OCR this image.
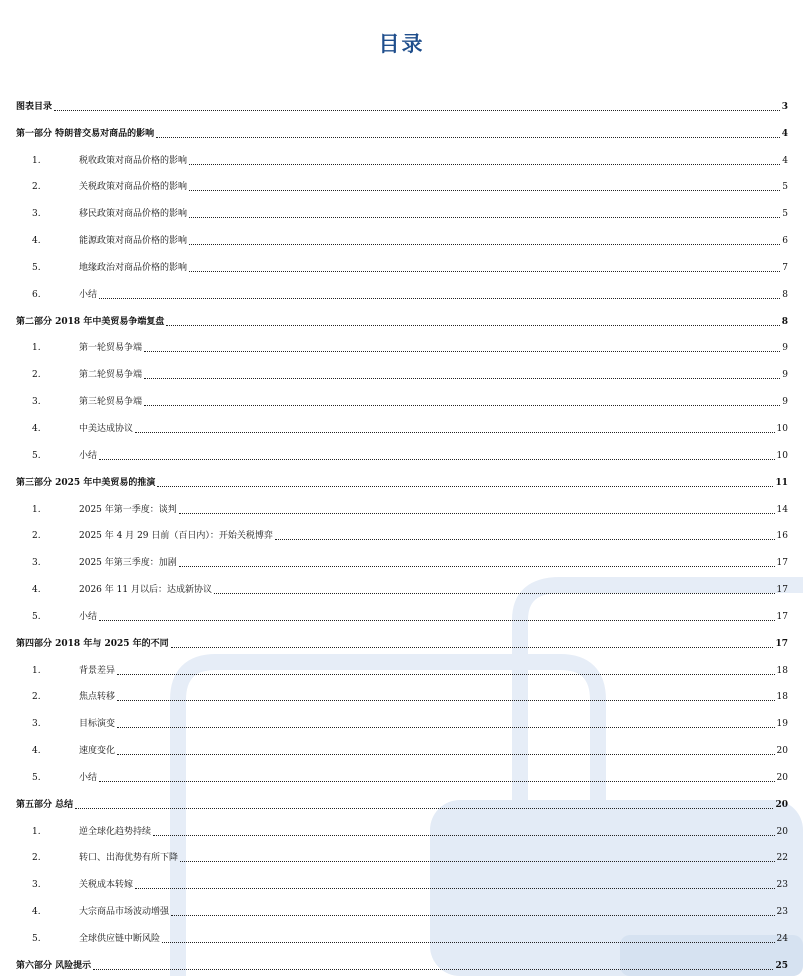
目录
图表目录	3
第一部分 特朗普交易对商品的影响	4
1.	税收政策对商品价格的影响	4
2.	关税政策对商品价格的影响	5
3.	移民政策对商品价格的影响	5
4.	能源政策对商品价格的影响	6
5.	地缘政治对商品价格的影响	7
6.	小结	8
第二部分 2018 年中美贸易争端复盘	8
1.	第一轮贸易争端	9
2.	第二轮贸易争端	9
3.	第三轮贸易争端	9
4.	中美达成协议	10
5.	小结	10
第三部分 2025 年中美贸易的推演	11
1.	2025 年第一季度：谈判	14
2.	2025 年 4 月 29 日前（百日内）：开始关税博弈	16
3.	2025 年第三季度：加剧	17
4.	2026 年 11 月以后：达成新协议	17
5.	小结	17
第四部分 2018 年与 2025 年的不同	17
1.	背景差异	18
2.	焦点转移	18
3.	目标演变	19
4.	速度变化	20
5.	小结	20
第五部分 总结	20
1.	逆全球化趋势持续	20
2.	转口、出海优势有所下降	22
3.	关税成本转嫁	23
4.	大宗商品市场波动增强	23
5.	全球供应链中断风险	24
第六部分 风险提示	25
